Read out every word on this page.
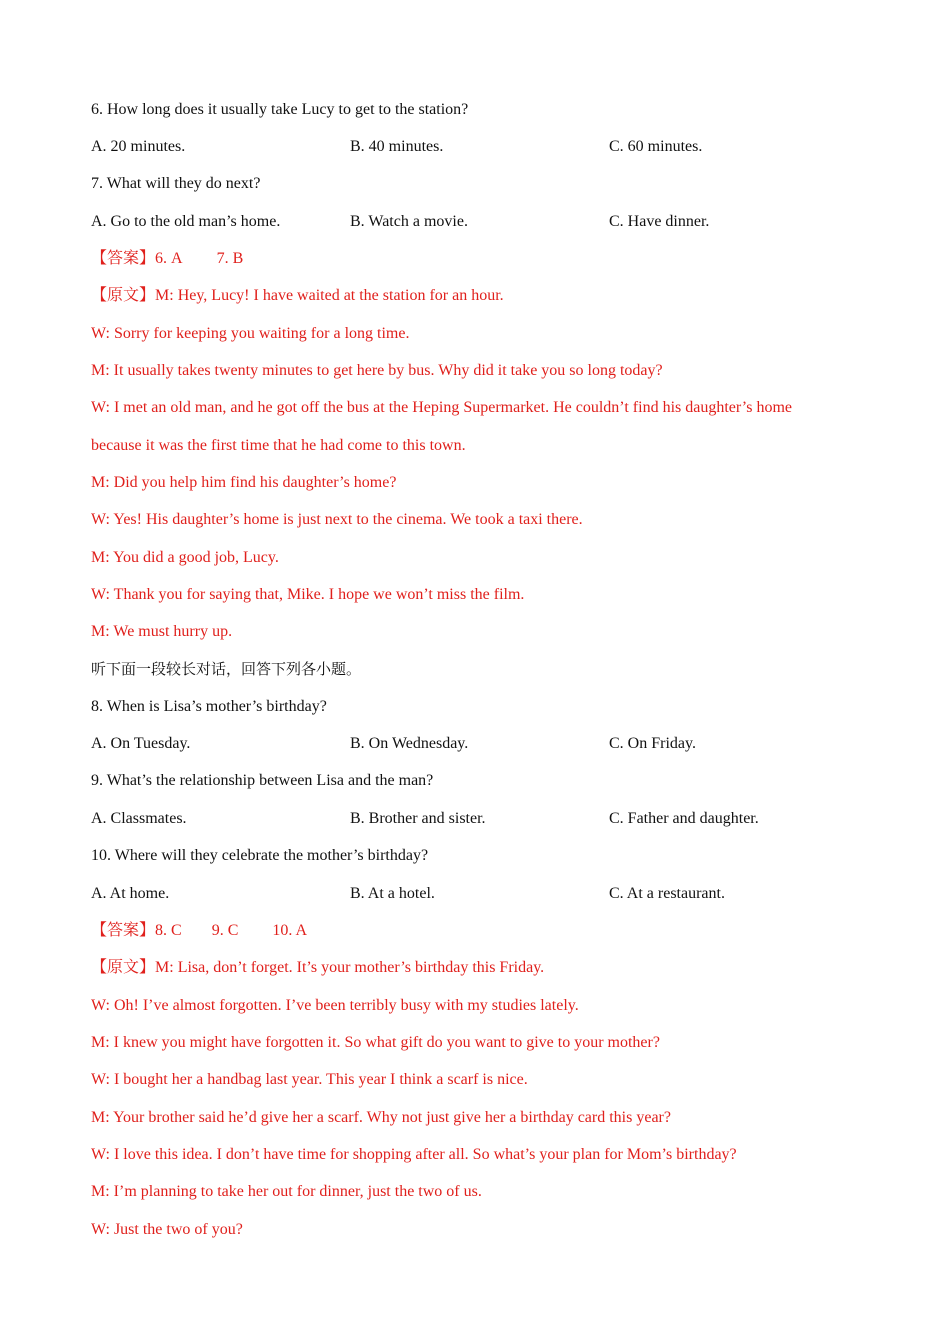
6. How long does it usually take Lucy to get to the station?
A. 20 minutes.	B. 40 minutes.	C. 60 minutes.
7. What will they do next?
A. Go to the old man’s home.	B. Watch a movie.	C. Have dinner.
【答案】6. A 7. B
【原文】M: Hey, Lucy! I have waited at the station for an hour.
W: Sorry for keeping you waiting for a long time.
M: It usually takes twenty minutes to get here by bus. Why did it take you so long today?
W: I met an old man, and he got off the bus at the Heping Supermarket. He couldn’t find his daughter’s home
because it was the first time that he had come to this town.
M: Did you help him find his daughter’s home?
W: Yes! His daughter’s home is just next to the cinema. We took a taxi there.
M: You did a good job, Lucy.
W: Thank you for saying that, Mike. I hope we won’t miss the film.
M: We must hurry up.
听下面一段较长对话，回答下列各小题。
8. When is Lisa’s mother’s birthday?
A. On Tuesday.	B. On Wednesday.	C. On Friday.
9. What’s the relationship between Lisa and the man?
A. Classmates.	B. Brother and sister.	C. Father and daughter.
10. Where will they celebrate the mother’s birthday?
A. At home.	B. At a hotel.	C. At a restaurant.
【答案】8. C 9. C 10. A
【原文】M: Lisa, don’t forget. It’s your mother’s birthday this Friday.
W: Oh! I’ve almost forgotten. I’ve been terribly busy with my studies lately.
M: I knew you might have forgotten it. So what gift do you want to give to your mother?
W: I bought her a handbag last year. This year I think a scarf is nice.
M: Your brother said he’d give her a scarf. Why not just give her a birthday card this year?
W: I love this idea. I don’t have time for shopping after all. So what’s your plan for Mom’s birthday?
M: I’m planning to take her out for dinner, just the two of us.
W: Just the two of you?
